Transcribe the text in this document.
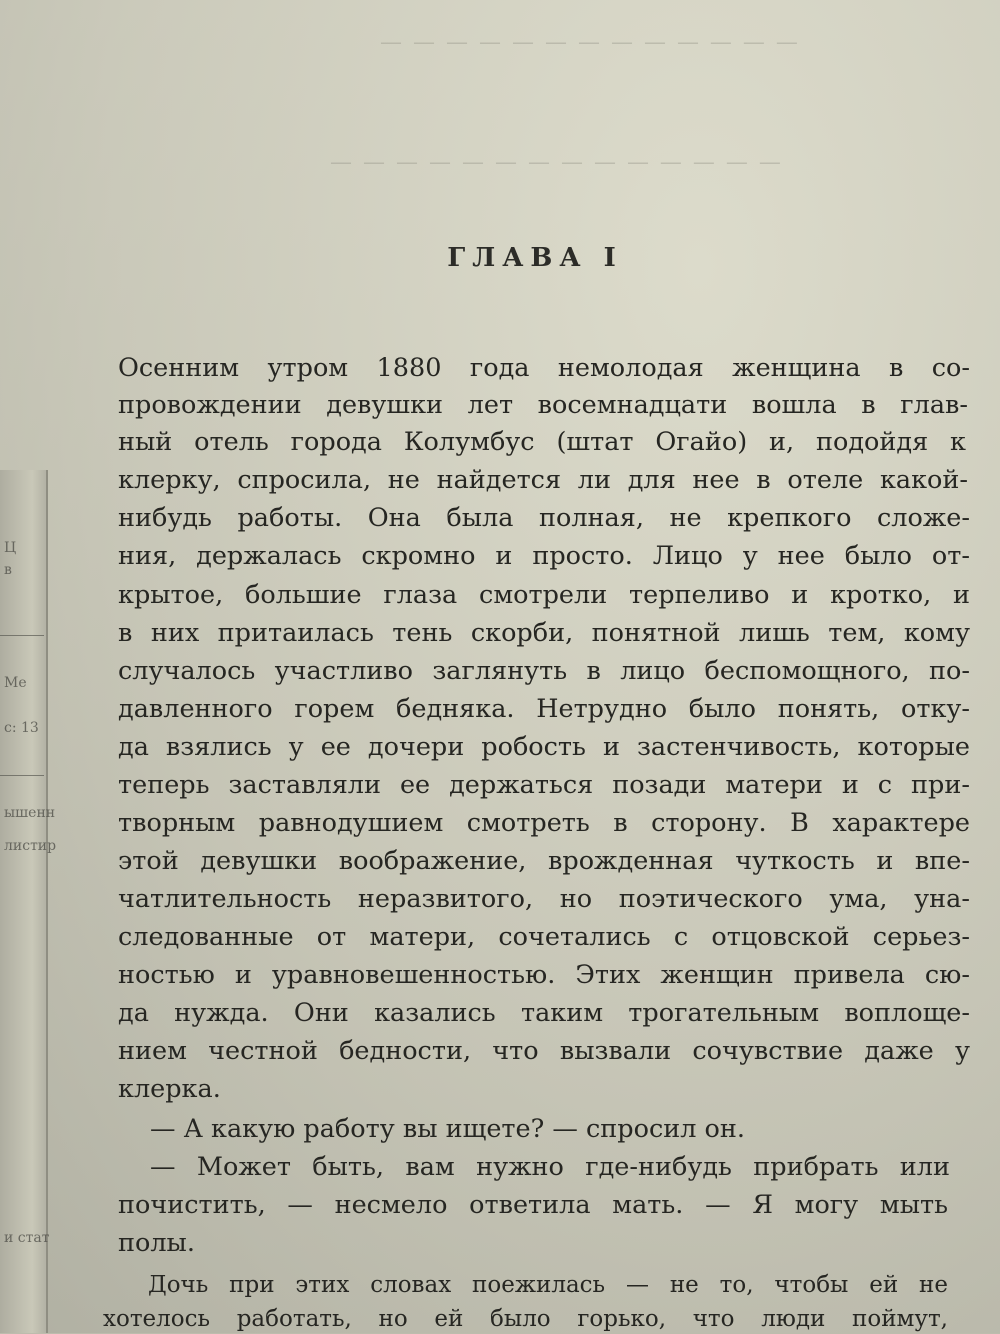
— — — — — — — — — — — — —
— — — — — — — — — — — — — —
Ц
в
Ме
с: 13
ышенн
листир
и стат
ГЛАВА I
Осенним утром 1880 года немолодая женщина в со-
провождении девушки лет восемнадцати вошла в глав-
ный отель города Колумбус (штат Огайо) и, подойдя к
клерку, спросила, не найдется ли для нее в отеле какой-
нибудь работы. Она была полная, не крепкого сложе-
ния, держалась скромно и просто. Лицо у нее было от-
крытое, большие глаза смотрели терпеливо и кротко, и
в них притаилась тень скорби, понятной лишь тем, кому
случалось участливо заглянуть в лицо беспомощного, по-
давленного горем бедняка. Нетрудно было понять, отку-
да взялись у ее дочери робость и застенчивость, которые
теперь заставляли ее держаться позади матери и с при-
творным равнодушием смотреть в сторону. В характере
этой девушки воображение, врожденная чуткость и впе-
чатлительность неразвитого, но поэтического ума, уна-
следованные от матери, сочетались с отцовской серьез-
ностью и уравновешенностью. Этих женщин привела сю-
да нужда. Они казались таким трогательным воплоще-
нием честной бедности, что вызвали сочувствие даже у
клерка.
— А какую работу вы ищете? — спросил он.
— Может быть, вам нужно где-нибудь прибрать или
почистить, — несмело ответила мать. — Я могу мыть
полы.
Дочь при этих словах поежилась — не то, чтобы ей не
хотелось работать, но ей было горько, что люди поймут,
